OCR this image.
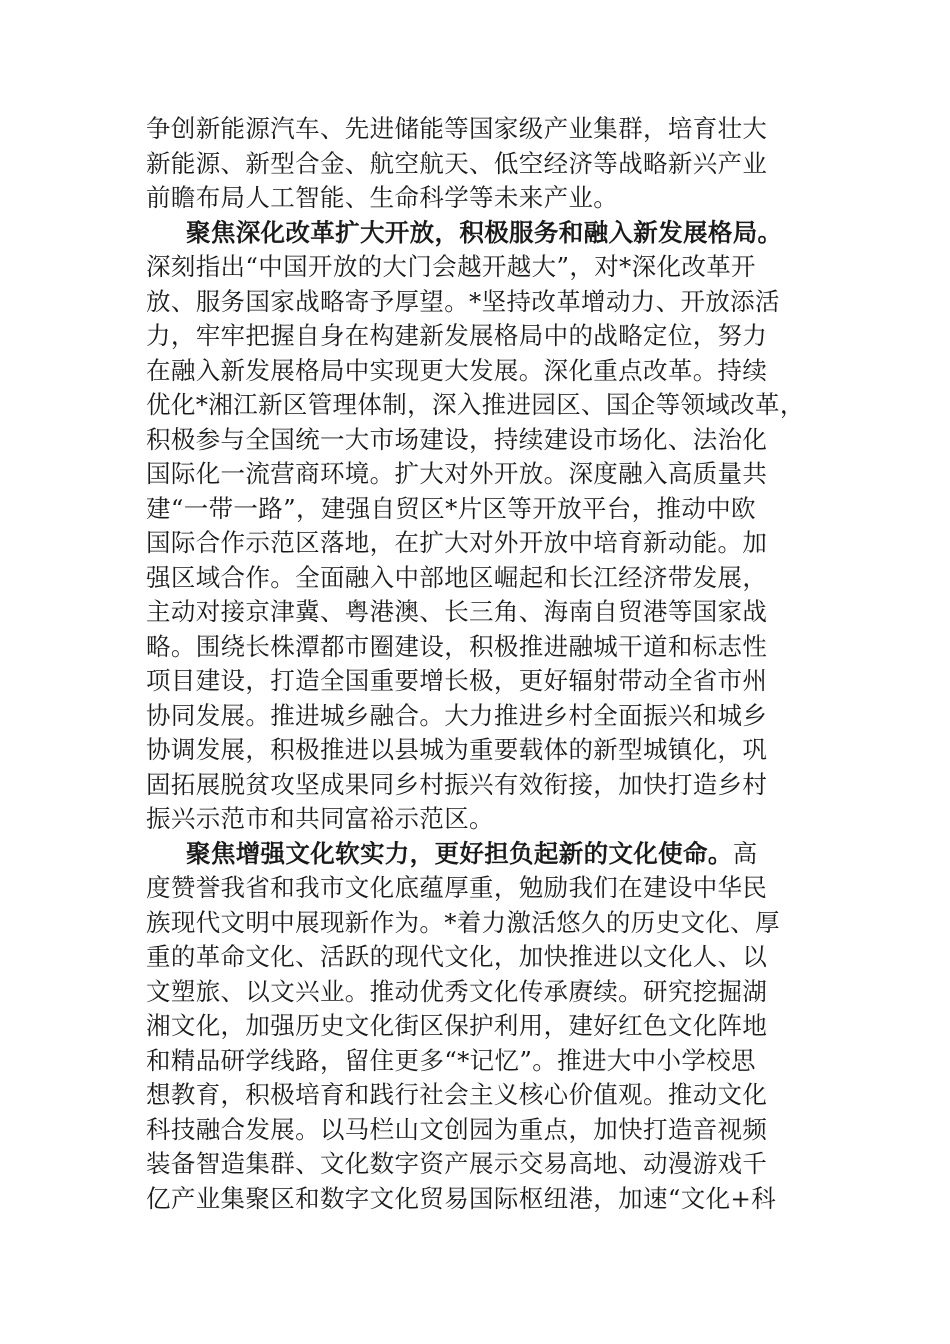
争创新能源汽车、先进储能等国家级产业集群，培育壮大
新能源、新型合金、航空航天、低空经济等战略新兴产业
前瞻布局人工智能、生命科学等未来产业。
聚焦深化改革扩大开放，积极服务和融入新发展格局。
深刻指出“中国开放的大门会越开越大”，对*深化改革开
放、服务国家战略寄予厚望。*坚持改革增动力、开放添活
力，牢牢把握自身在构建新发展格局中的战略定位，努力
在融入新发展格局中实现更大发展。深化重点改革。持续
优化*湘江新区管理体制，深入推进园区、国企等领域改革，
积极参与全国统一大市场建设，持续建设市场化、法治化
国际化一流营商环境。扩大对外开放。深度融入高质量共
建“一带一路”，建强自贸区*片区等开放平台，推动中欧
国际合作示范区落地，在扩大对外开放中培育新动能。加
强区域合作。全面融入中部地区崛起和长江经济带发展，
主动对接京津冀、粤港澳、长三角、海南自贸港等国家战
略。围绕长株潭都市圈建设，积极推进融城干道和标志性
项目建设，打造全国重要增长极，更好辐射带动全省市州
协同发展。推进城乡融合。大力推进乡村全面振兴和城乡
协调发展，积极推进以县城为重要载体的新型城镇化，巩
固拓展脱贫攻坚成果同乡村振兴有效衔接，加快打造乡村
振兴示范市和共同富裕示范区。
聚焦增强文化软实力，更好担负起新的文化使命。高
度赞誉我省和我市文化底蕴厚重，勉励我们在建设中华民
族现代文明中展现新作为。*着力激活悠久的历史文化、厚
重的革命文化、活跃的现代文化，加快推进以文化人、以
文塑旅、以文兴业。推动优秀文化传承赓续。研究挖掘湖
湘文化，加强历史文化街区保护利用，建好红色文化阵地
和精品研学线路，留住更多“*记忆”。推进大中小学校思
想教育，积极培育和践行社会主义核心价值观。推动文化
科技融合发展。以马栏山文创园为重点，加快打造音视频
装备智造集群、文化数字资产展示交易高地、动漫游戏千
亿产业集聚区和数字文化贸易国际枢纽港，加速“文化+科
